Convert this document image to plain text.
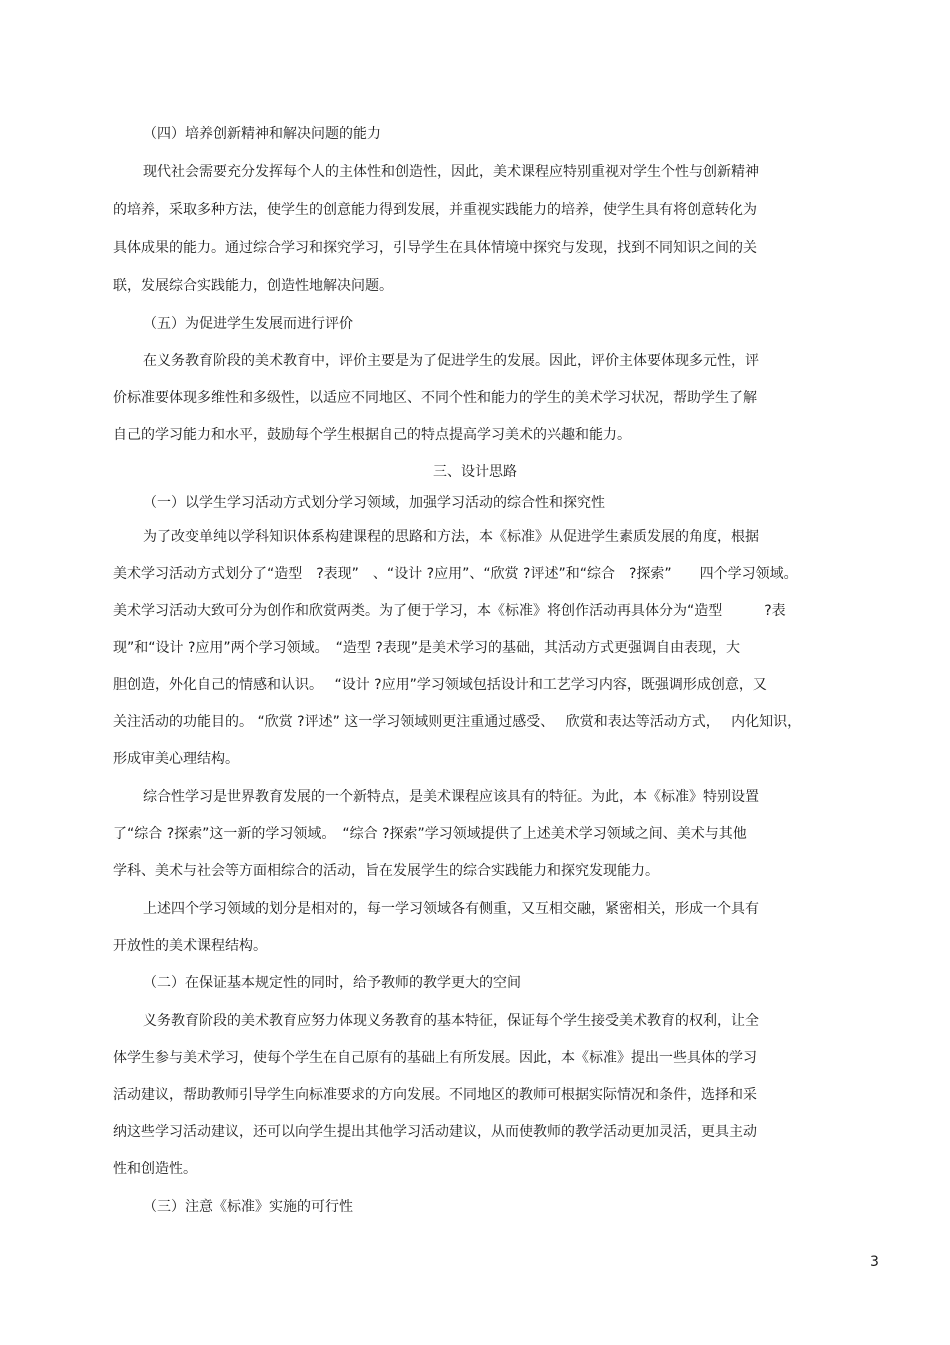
（四）培养创新精神和解决问题的能力
现代社会需要充分发挥每个人的主体性和创造性，因此，美术课程应特别重视对学生个性与创新精神
的培养，采取多种方法，使学生的创意能力得到发展，并重视实践能力的培养，使学生具有将创意转化为
具体成果的能力。通过综合学习和探究学习，引导学生在具体情境中探究与发现，找到不同知识之间的关
联，发展综合实践能力，创造性地解决问题。
（五）为促进学生发展而进行评价
在义务教育阶段的美术教育中，评价主要是为了促进学生的发展。因此，评价主体要体现多元性，评
价标准要体现多维性和多级性，以适应不同地区、不同个性和能力的学生的美术学习状况，帮助学生了解
自己的学习能力和水平，鼓励每个学生根据自己的特点提高学习美术的兴趣和能力。
三、设计思路
（一）以学生学习活动方式划分学习领域，加强学习活动的综合性和探究性
为了改变单纯以学科知识体系构建课程的思路和方法，本《标准》从促进学生素质发展的角度，根据
美术学习活动方式划分了“造型　?表现”　、“设计 ?应用”、“欣赏 ?评述”和“综合　?探索”　　四个学习领域。
美术学习活动大致可分为创作和欣赏两类。为了便于学习，本《标准》将创作活动再具体分为“造型　　　?表
现”和“设计 ?应用”两个学习领域。　“造型 ?表现”是美术学习的基础，其活动方式更强调自由表现，大
胆创造，外化自己的情感和认识。　 “设计 ?应用”学习领域包括设计和工艺学习内容，既强调形成创意，又
关注活动的功能目的。 “欣赏 ?评述” 这一学习领域则更注重通过感受、　 欣赏和表达等活动方式，　 内化知识，
形成审美心理结构。
综合性学习是世界教育发展的一个新特点，是美术课程应该具有的特征。为此，本《标准》特别设置
了“综合 ?探索”这一新的学习领域。　“综合 ?探索”学习领域提供了上述美术学习领域之间、美术与其他
学科、美术与社会等方面相综合的活动，旨在发展学生的综合实践能力和探究发现能力。
上述四个学习领域的划分是相对的，每一学习领域各有侧重，又互相交融，紧密相关，形成一个具有
开放性的美术课程结构。
（二）在保证基本规定性的同时，给予教师的教学更大的空间
义务教育阶段的美术教育应努力体现义务教育的基本特征，保证每个学生接受美术教育的权利，让全
体学生参与美术学习，使每个学生在自己原有的基础上有所发展。因此，本《标准》提出一些具体的学习
活动建议，帮助教师引导学生向标准要求的方向发展。不同地区的教师可根据实际情况和条件，选择和采
纳这些学习活动建议，还可以向学生提出其他学习活动建议，从而使教师的教学活动更加灵活，更具主动
性和创造性。
（三）注意《标准》实施的可行性
3
